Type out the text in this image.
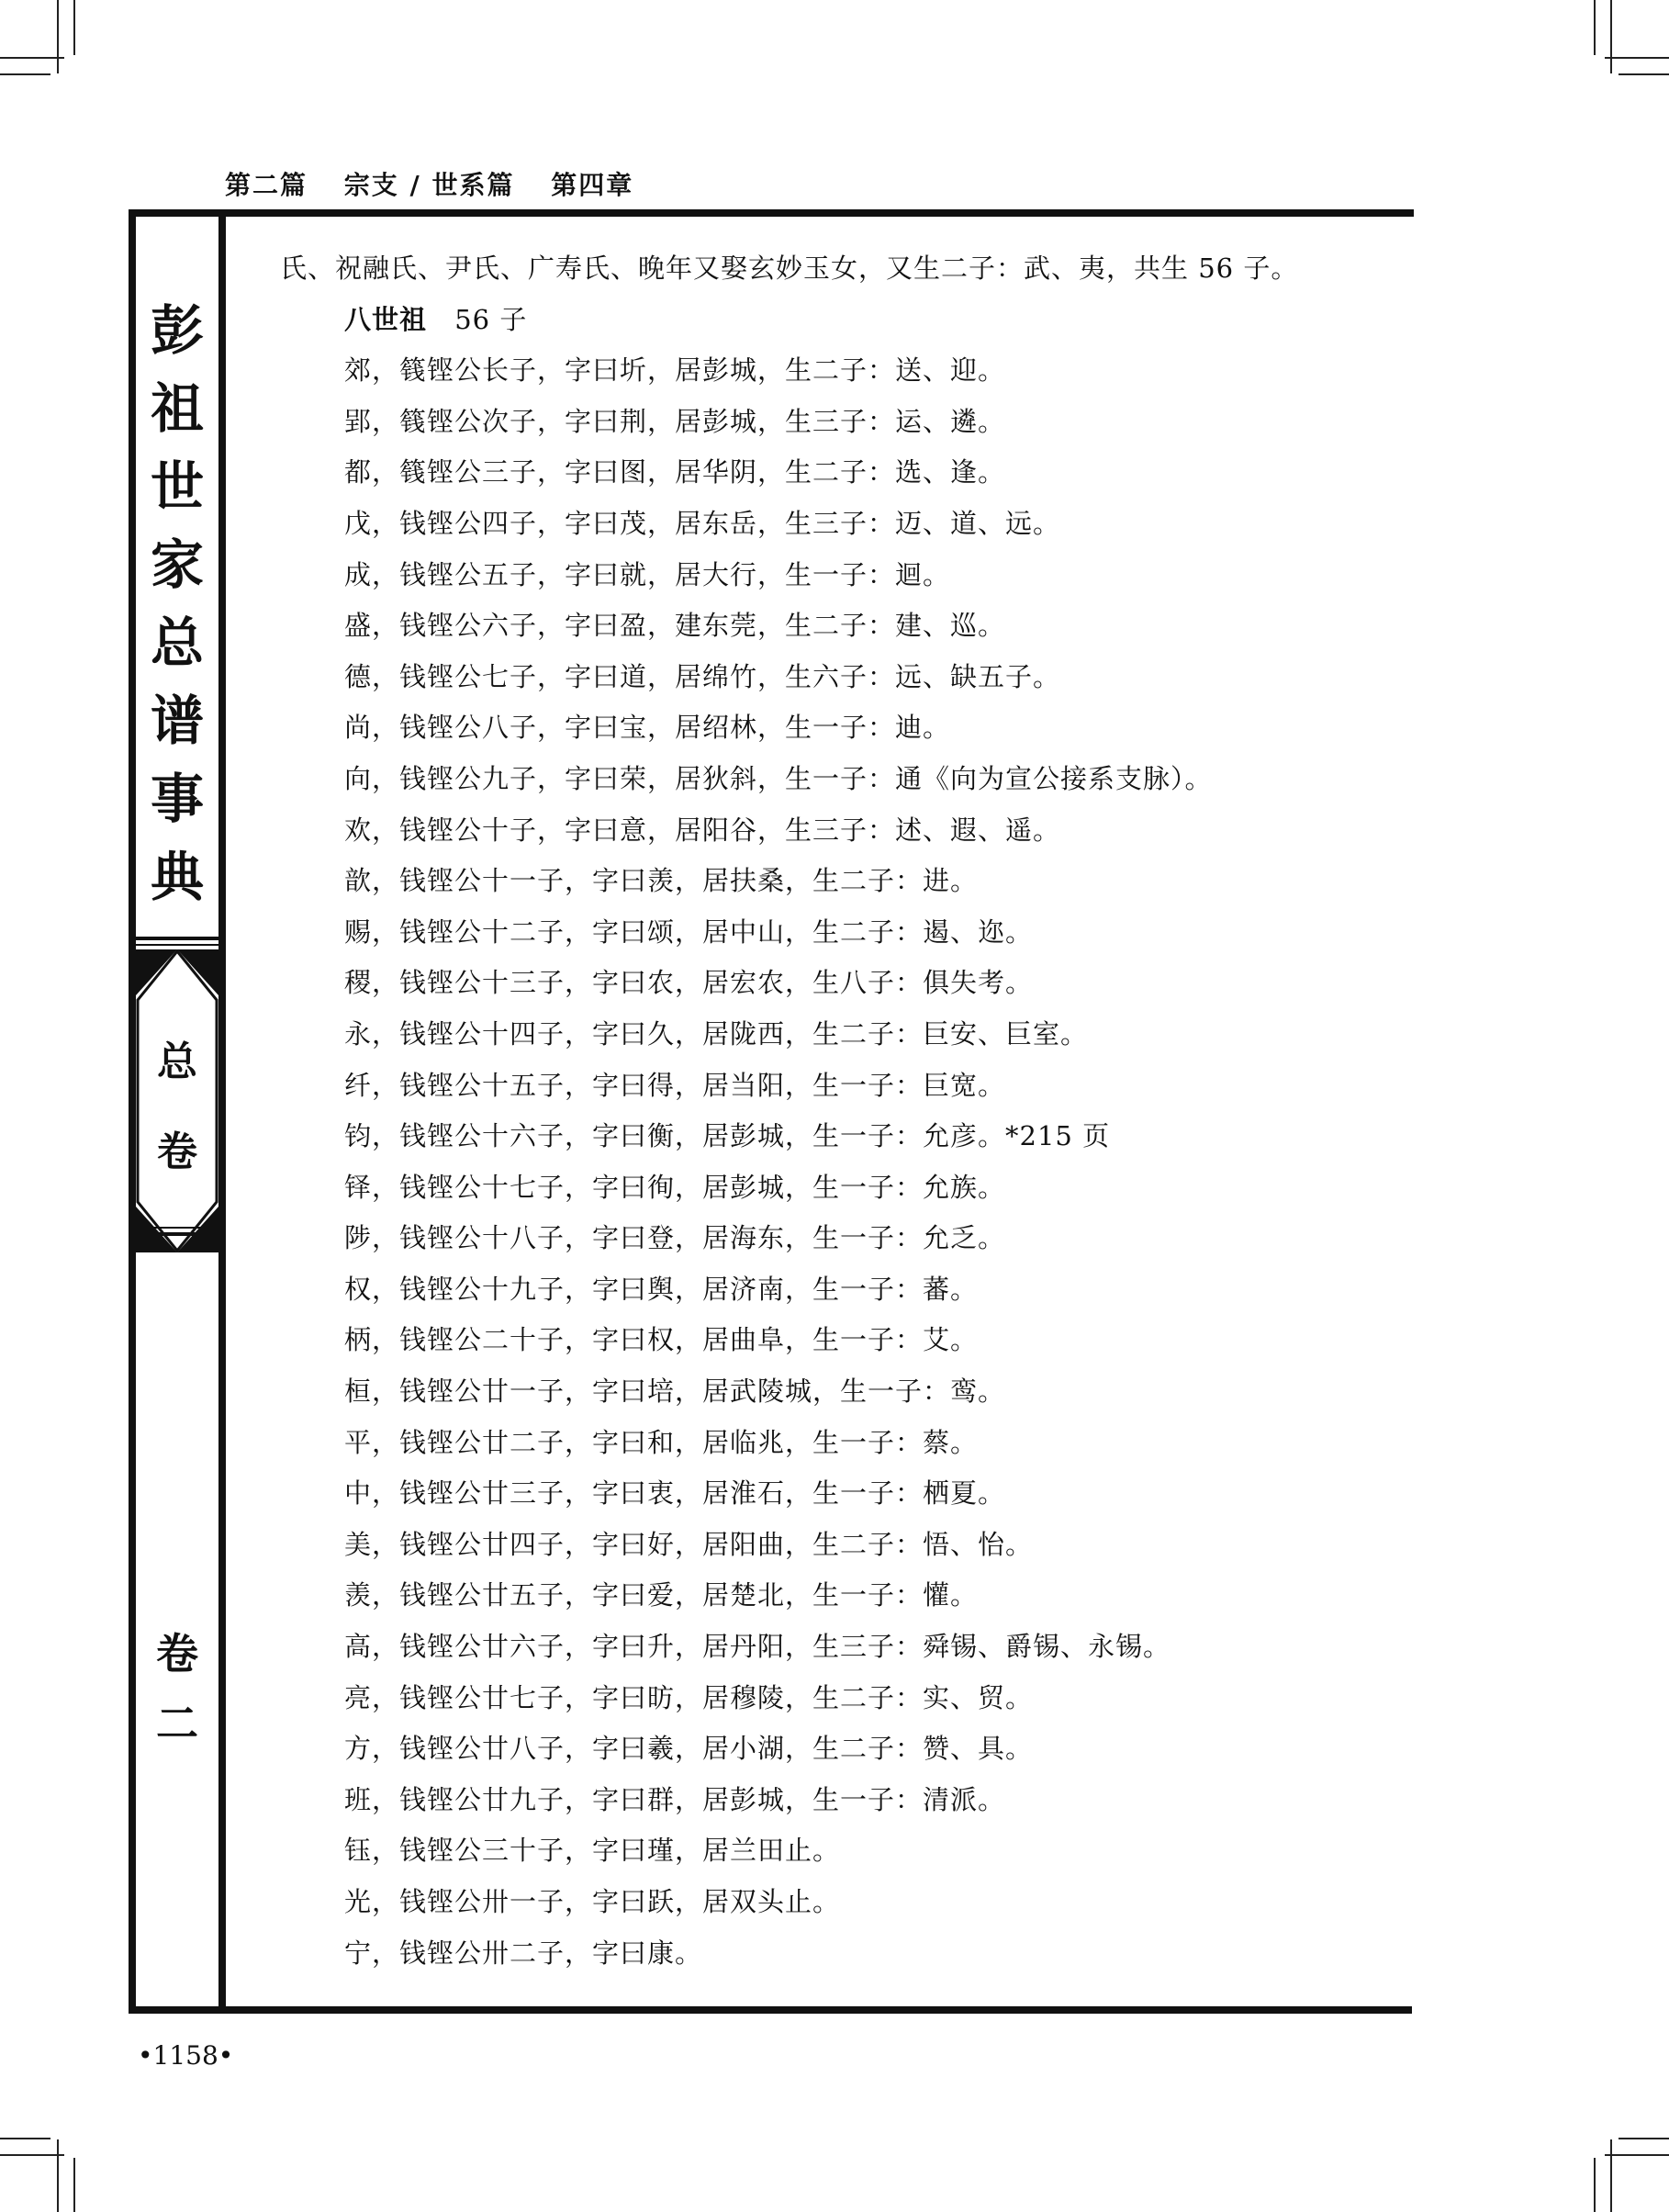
第二篇 宗支 / 世系篇 第四章
彭
祖
世
家
总
谱
事
典
总
卷
卷
二
氏、祝融氏、尹氏、广寿氏、晚年又娶玄妙玉女，又生二子：武、夷，共生 56 子。
八世祖 56 子
郊，篯铿公长子，字曰圻，居彭城，生二子：送、迎。
郢，篯铿公次子，字曰荆，居彭城，生三子：运、遴。
都，篯铿公三子，字曰图，居华阴，生二子：选、逢。
戊，钱铿公四子，字曰茂，居东岳，生三子：迈、道、远。
成，钱铿公五子，字曰就，居大行，生一子：迴。
盛，钱铿公六子，字曰盈，建东莞，生二子：建、巡。
德，钱铿公七子，字曰道，居绵竹，生六子：远、缺五子。
尚，钱铿公八子，字曰宝，居绍林，生一子：迪。
向，钱铿公九子，字曰荣，居狄斜，生一子：通《向为宣公接系支脉）。
欢，钱铿公十子，字曰意，居阳谷，生三子：述、遐、遥。
歆，钱铿公十一子，字曰羡，居扶桑，生二子：进。
赐，钱铿公十二子，字曰颂，居中山，生二子：遏、迩。
稷，钱铿公十三子，字曰农，居宏农，生八子：俱失考。
永，钱铿公十四子，字曰久，居陇西，生二子：巨安、巨室。
纤，钱铿公十五子，字曰得，居当阳，生一子：巨宽。
钧，钱铿公十六子，字曰衡，居彭城，生一子：允彦。*215 页
铎，钱铿公十七子，字曰徇，居彭城，生一子：允族。
陟，钱铿公十八子，字曰登，居海东，生一子：允乏。
权，钱铿公十九子，字曰舆，居济南，生一子：蕃。
柄，钱铿公二十子，字曰权，居曲阜，生一子：艾。
桓，钱铿公廿一子，字曰培，居武陵城，生一子：鸾。
平，钱铿公廿二子，字曰和，居临兆，生一子：蔡。
中，钱铿公廿三子，字曰衷，居淮石，生一子：栖夏。
美，钱铿公廿四子，字曰好，居阳曲，生二子：悟、怡。
羡，钱铿公廿五子，字曰爱，居楚北，生一子：懽。
高，钱铿公廿六子，字曰升，居丹阳，生三子：舜锡、爵锡、永锡。
亮，钱铿公廿七子，字曰昉，居穆陵，生二子：实、贸。
方，钱铿公廿八子，字曰羲，居小湖，生二子：赞、具。
班，钱铿公廿九子，字曰群，居彭城，生一子：清派。
钰，钱铿公三十子，字曰瑾，居兰田止。
光，钱铿公卅一子，字曰跃，居双头止。
宁，钱铿公卅二子，字曰康。
•1158•
